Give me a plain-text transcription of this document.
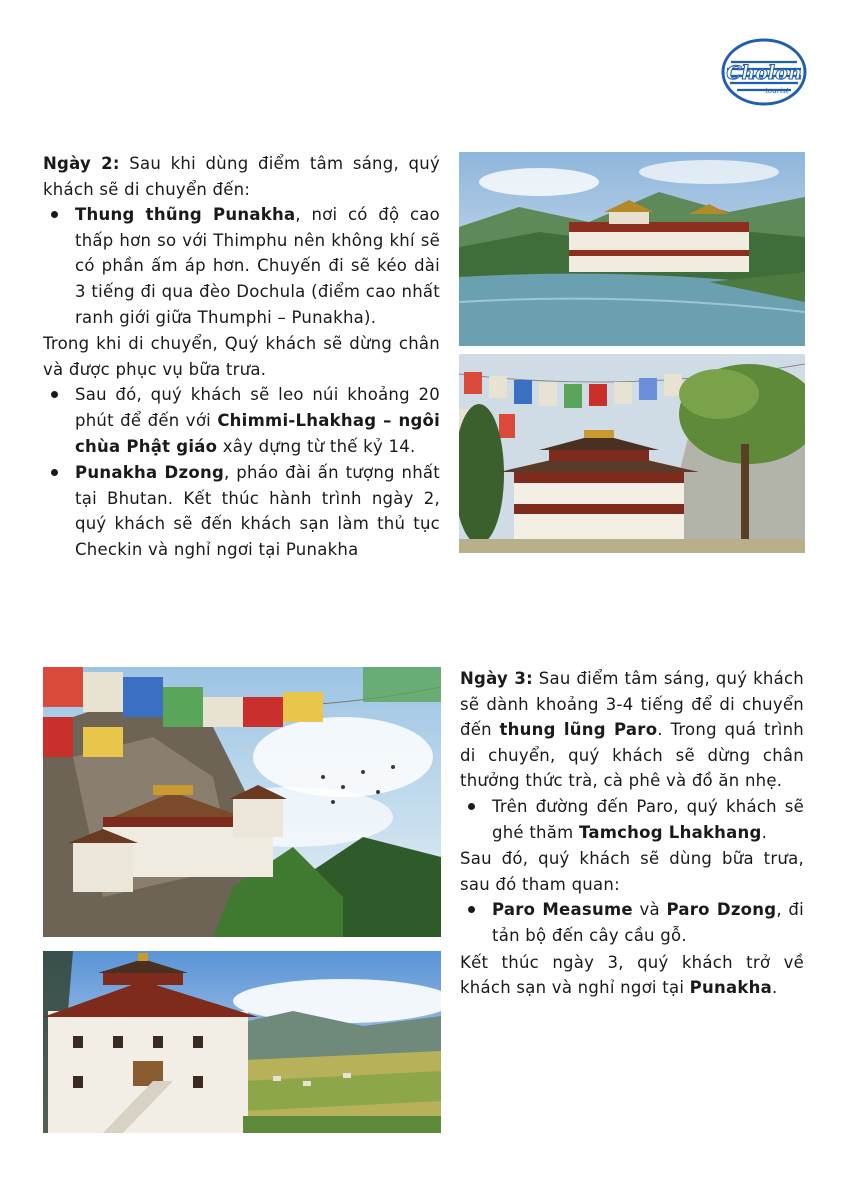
Cholon
tourist

Ngày 2: Sau khi dùng điểm tâm sáng, quý khách sẽ di chuyển đến:

Thung thũng Punakha, nơi có độ cao thấp hơn so với Thimphu nên không khí sẽ có phần ấm áp hơn. Chuyến đi sẽ kéo dài 3 tiếng đi qua đèo Dochula (điểm cao nhất ranh giới giữa Thumphi – Punakha).

Trong khi di chuyển, Quý khách sẽ dừng chân và được phục vụ bữa trưa.

Sau đó, quý khách sẽ leo núi khoảng 20 phút để đến với Chimmi-Lhakhag – ngôi chùa Phật giáo xây dựng từ thế kỷ 14.
Punakha Dzong, pháo đài ấn tượng nhất tại Bhutan. Kết thúc hành trình ngày 2, quý khách sẽ đến khách sạn làm thủ tục Checkin và nghỉ ngơi tại Punakha

Ngày 3: Sau điểm tâm sáng, quý khách sẽ dành khoảng 3-4 tiếng để di chuyển đến thung lũng Paro. Trong quá trình di chuyển, quý khách sẽ dừng chân thưởng thức trà, cà phê và đồ ăn nhẹ.

Trên đường đến Paro, quý khách sẽ ghé thăm Tamchog Lhakhang.

Sau đó, quý khách sẽ dùng bữa trưa, sau đó tham quan:

Paro Measume và Paro Dzong, đi tản bộ đến cây cầu gỗ.

Kết thúc ngày 3, quý khách trở về khách sạn và nghỉ ngơi tại Punakha.
